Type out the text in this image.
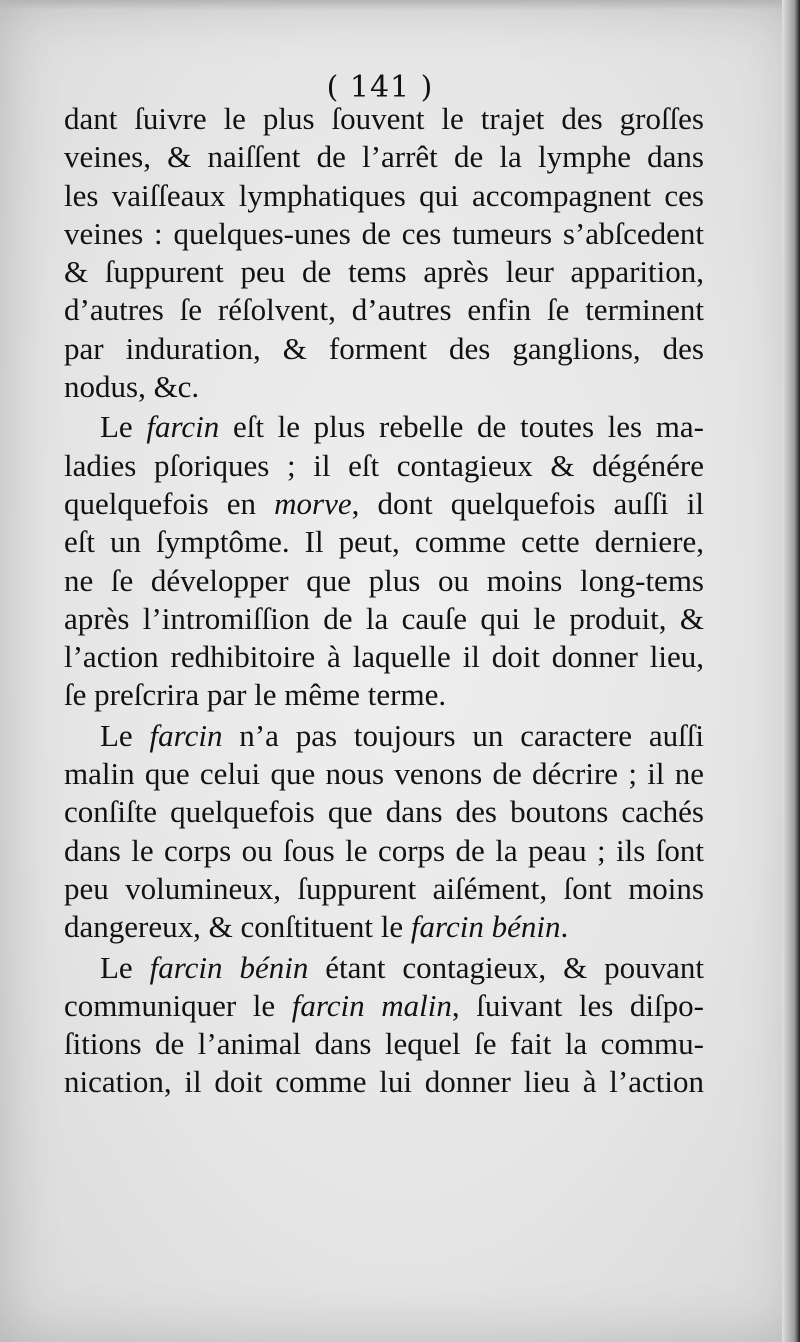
( 141 )
dant ſuivre le plus ſouvent le trajet des groſſes
veines, & naiſſent de l’arrêt de la lymphe dans
les vaiſſeaux lymphatiques qui accompagnent ces
veines : quelques-unes de ces tumeurs s’abſcedent
& ſuppurent peu de tems après leur apparition,
d’autres ſe réſolvent, d’autres enfin ſe terminent
par induration, & forment des ganglions, des
nodus, &c.
Le farcin eſt le plus rebelle de toutes les ma-
ladies pſoriques ; il eſt contagieux & dégénére
quelquefois en morve, dont quelquefois auſſi il
eſt un ſymptôme. Il peut, comme cette derniere,
ne ſe développer que plus ou moins long-tems
après l’intromiſſion de la cauſe qui le produit, &
l’action redhibitoire à laquelle il doit donner lieu,
ſe preſcrira par le même terme.
Le farcin n’a pas toujours un caractere auſſi
malin que celui que nous venons de décrire ; il ne
conſiſte quelquefois que dans des boutons cachés
dans le corps ou ſous le corps de la peau ; ils ſont
peu volumineux, ſuppurent aiſément, ſont moins
dangereux, & conſtituent le farcin bénin.
Le farcin bénin étant contagieux, & pouvant
communiquer le farcin malin, ſuivant les diſpo-
ſitions de l’animal dans lequel ſe fait la commu-
nication, il doit comme lui donner lieu à l’action
